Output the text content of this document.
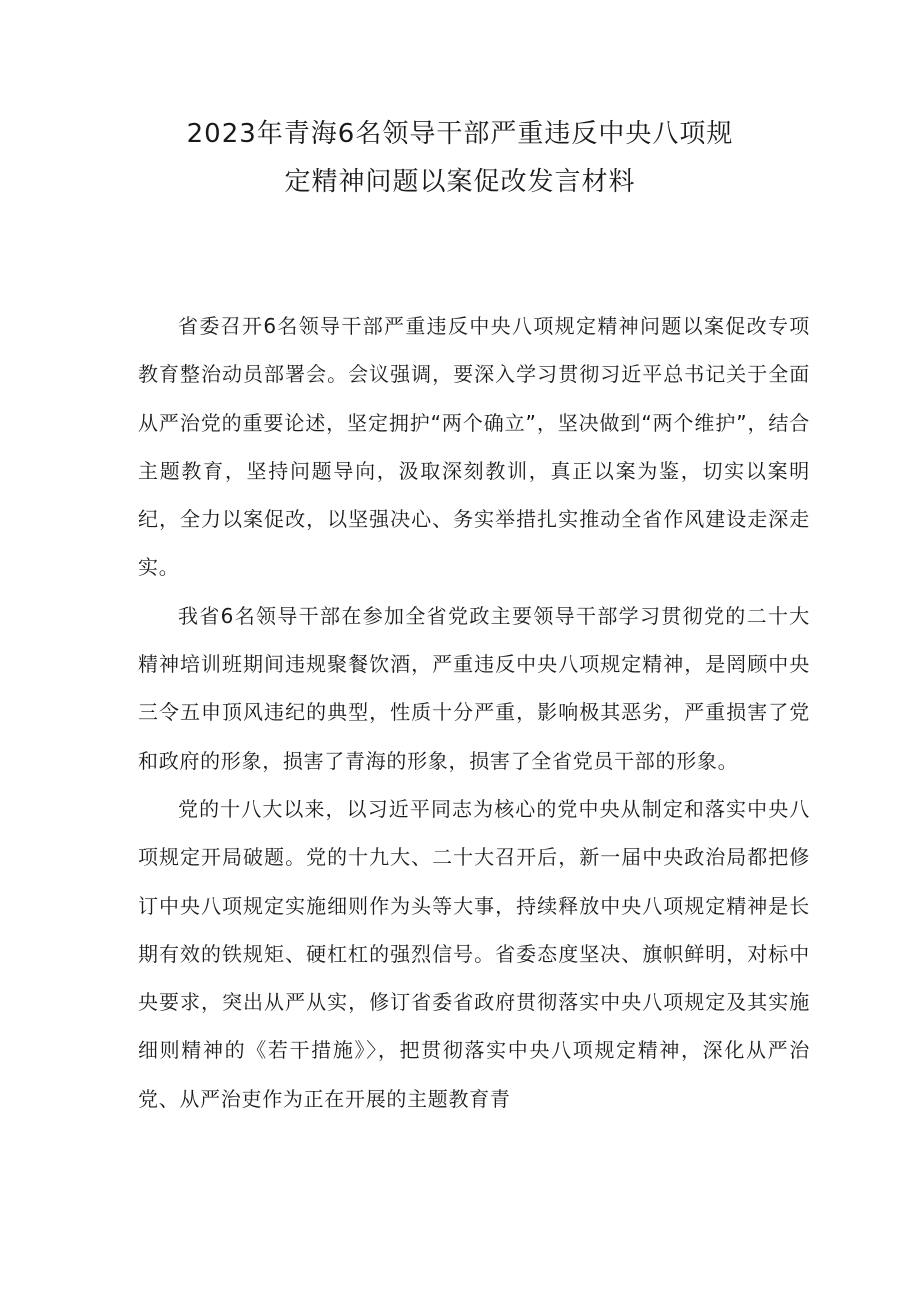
2023年青海6名领导干部严重违反中央八项规
定精神问题以案促改发言材料

省委召开6名领导干部严重违反中央八项规定精神问题以案促改专项教育整治动员部署会。会议强调，要深入学习贯彻习近平总书记关于全面从严治党的重要论述，坚定拥护“两个确立”，坚决做到“两个维护”，结合主题教育，坚持问题导向，汲取深刻教训，真正以案为鉴，切实以案明纪，全力以案促改，以坚强决心、务实举措扎实推动全省作风建设走深走实。

我省6名领导干部在参加全省党政主要领导干部学习贯彻党的二十大精神培训班期间违规聚餐饮酒，严重违反中央八项规定精神，是罔顾中央三令五申顶风违纪的典型，性质十分严重，影响极其恶劣，严重损害了党和政府的形象，损害了青海的形象，损害了全省党员干部的形象。

党的十八大以来，以习近平同志为核心的党中央从制定和落实中央八项规定开局破题。党的十九大、二十大召开后，新一届中央政治局都把修订中央八项规定实施细则作为头等大事，持续释放中央八项规定精神是长期有效的铁规矩、硬杠杠的强烈信号。省委态度坚决、旗帜鲜明，对标中央要求，突出从严从实，修订省委省政府贯彻落实中央八项规定及其实施细则精神的《若干措施》〉，把贯彻落实中央八项规定精神，深化从严治党、从严治吏作为正在开展的主题教育青
